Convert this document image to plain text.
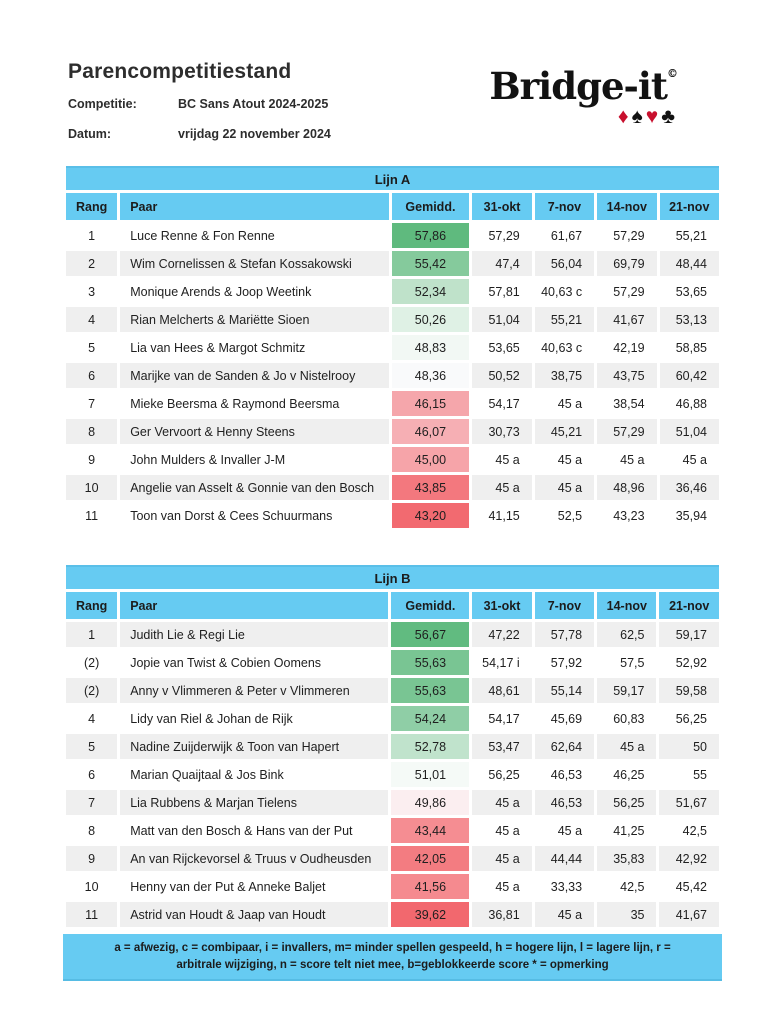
Parencompetitiestand
Competitie:	BC Sans Atout 2024-2025
Datum:	vrijdag 22 november 2024
Bridge-it©
♦♠♥♣
Lijn A						
Rang	Paar	Gemidd.	31-okt	7-nov	14-nov	21-nov
1	Luce Renne & Fon Renne	57,86	57,29	61,67	57,29	55,21
2	Wim Cornelissen & Stefan Kossakowski	55,42	47,4	56,04	69,79	48,44
3	Monique Arends & Joop Weetink	52,34	57,81	40,63 c	57,29	53,65
4	Rian Melcherts & Mariëtte Sioen	50,26	51,04	55,21	41,67	53,13
5	Lia van Hees & Margot Schmitz	48,83	53,65	40,63 c	42,19	58,85
6	Marijke van de Sanden & Jo v Nistelrooy	48,36	50,52	38,75	43,75	60,42
7	Mieke Beersma & Raymond Beersma	46,15	54,17	45 a	38,54	46,88
8	Ger Vervoort & Henny Steens	46,07	30,73	45,21	57,29	51,04
9	John Mulders & Invaller J-M	45,00	45 a	45 a	45 a	45 a
10	Angelie van Asselt & Gonnie van den Bosch	43,85	45 a	45 a	48,96	36,46
11	Toon van Dorst & Cees Schuurmans	43,20	41,15	52,5	43,23	35,94
Lijn B						
Rang	Paar	Gemidd.	31-okt	7-nov	14-nov	21-nov
1	Judith Lie & Regi Lie	56,67	47,22	57,78	62,5	59,17
(2)	Jopie van Twist & Cobien Oomens	55,63	54,17 i	57,92	57,5	52,92
(2)	Anny v Vlimmeren & Peter v Vlimmeren	55,63	48,61	55,14	59,17	59,58
4	Lidy van Riel & Johan de Rijk	54,24	54,17	45,69	60,83	56,25
5	Nadine Zuijderwijk & Toon van Hapert	52,78	53,47	62,64	45 a	50
6	Marian Quaijtaal & Jos Bink	51,01	56,25	46,53	46,25	55
7	Lia Rubbens & Marjan Tielens	49,86	45 a	46,53	56,25	51,67
8	Matt van den Bosch & Hans van der Put	43,44	45 a	45 a	41,25	42,5
9	An van Rijckevorsel & Truus v Oudheusden	42,05	45 a	44,44	35,83	42,92
10	Henny van der Put & Anneke Baljet	41,56	45 a	33,33	42,5	45,42
11	Astrid van Houdt & Jaap van Houdt	39,62	36,81	45 a	35	41,67
a = afwezig, c = combipaar, i = invallers, m= minder spellen gespeeld, h = hogere lijn, l = lagere lijn, r = arbitrale wijziging, n = score telt niet mee, b=geblokkeerde score * = opmerking
